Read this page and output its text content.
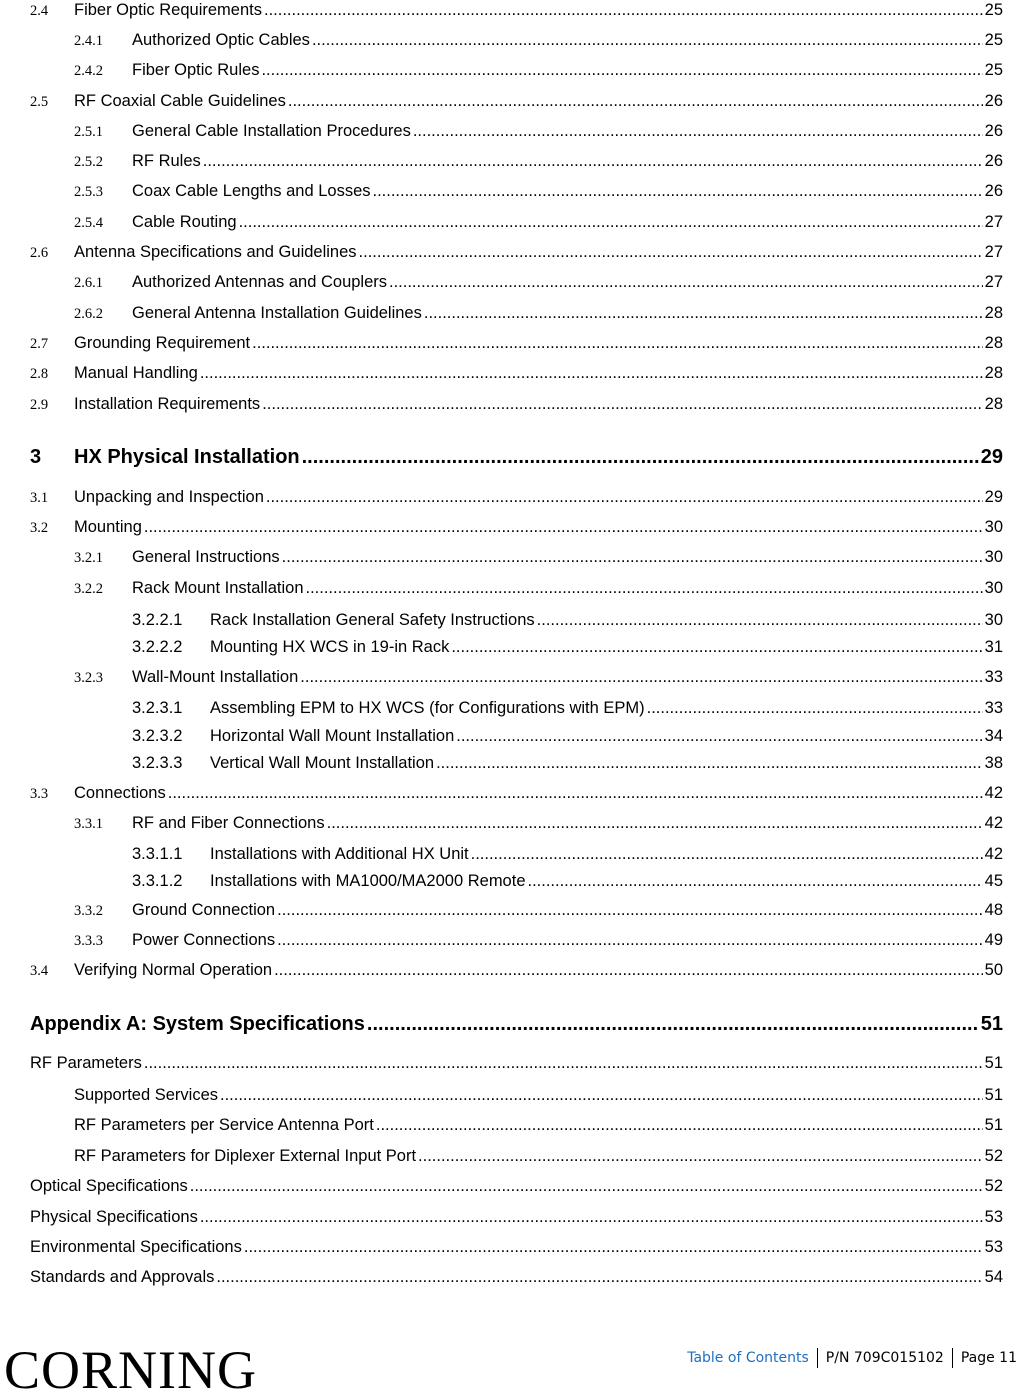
2.4	Fiber Optic Requirements .....	25
2.4.1	Authorized Optic Cables .....	25
2.4.2	Fiber Optic Rules .....	25
2.5	RF Coaxial Cable Guidelines .....	26
2.5.1	General Cable Installation Procedures .....	26
2.5.2	RF Rules .....	26
2.5.3	Coax Cable Lengths and Losses .....	26
2.5.4	Cable Routing .....	27
2.6	Antenna Specifications and Guidelines .....	27
2.6.1	Authorized Antennas and Couplers .....	27
2.6.2	General Antenna Installation Guidelines .....	28
2.7	Grounding Requirement .....	28
2.8	Manual Handling .....	28
2.9	Installation Requirements .....	28
3	HX Physical Installation .....	29
3.1	Unpacking and Inspection .....	29
3.2	Mounting .....	30
3.2.1	General Instructions .....	30
3.2.2	Rack Mount Installation .....	30
3.2.2.1	Rack Installation General Safety Instructions .....	30
3.2.2.2	Mounting HX WCS in 19-in Rack .....	31
3.2.3	Wall-Mount Installation .....	33
3.2.3.1	Assembling EPM to HX WCS (for Configurations with EPM) .....	33
3.2.3.2	Horizontal Wall Mount Installation .....	34
3.2.3.3	Vertical Wall Mount Installation .....	38
3.3	Connections .....	42
3.3.1	RF and Fiber Connections .....	42
3.3.1.1	Installations with Additional HX Unit .....	42
3.3.1.2	Installations with MA1000/MA2000 Remote .....	45
3.3.2	Ground Connection .....	48
3.3.3	Power Connections .....	49
3.4	Verifying Normal Operation .....	50
Appendix A: System Specifications .....	51
RF Parameters .....	51
Supported Services .....	51
RF Parameters per Service Antenna Port .....	51
RF Parameters for Diplexer External Input Port .....	52
Optical Specifications .....	52
Physical Specifications .....	53
Environmental Specifications .....	53
Standards and Approvals .....	54
CORNING	Table of Contents P/N 709C015102 Page 11
